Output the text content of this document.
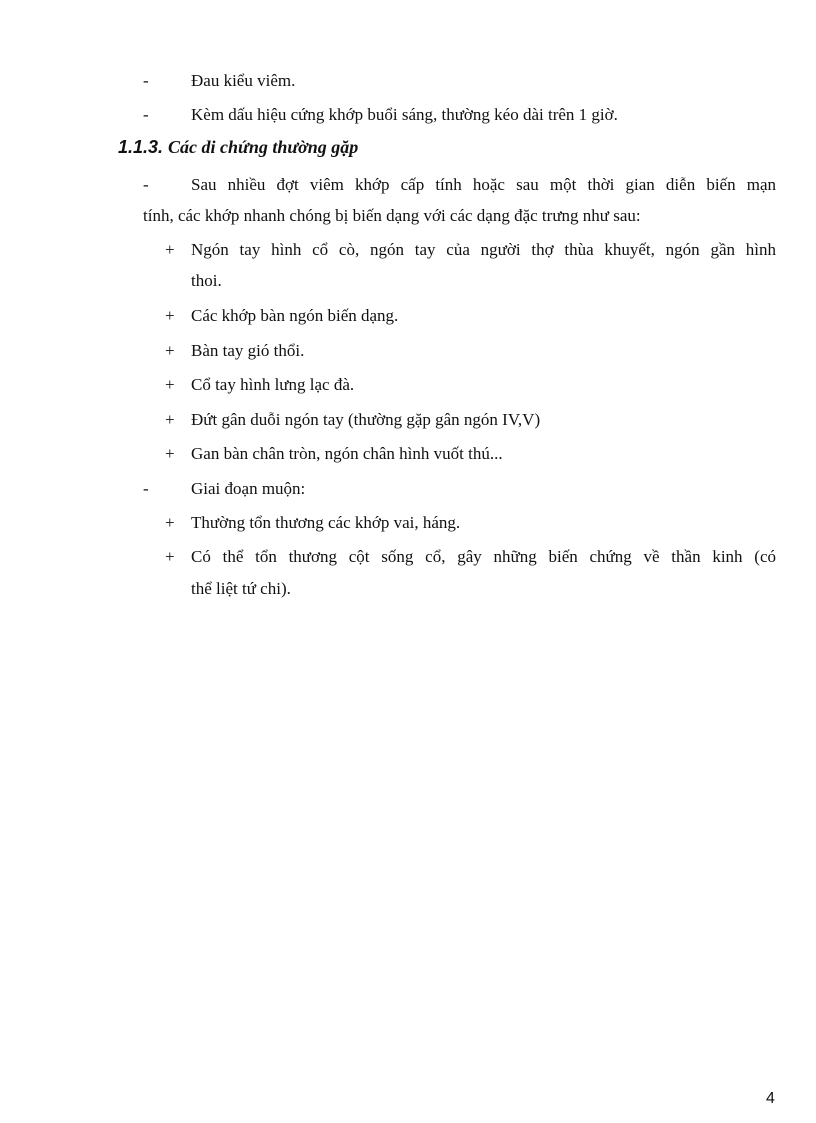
- Đau kiểu viêm.
- Kèm dấu hiệu cứng khớp buổi sáng, thường kéo dài trên 1 giờ.
1.1.3. Các di chứng thường gặp
- Sau nhiều đợt viêm khớp cấp tính hoặc sau một thời gian diễn biến mạn
tính, các khớp nhanh chóng bị biến dạng với các dạng đặc trưng như sau:
+ Ngón tay hình cổ cò, ngón tay của người thợ thùa khuyết, ngón gần hình
thoi.
+ Các khớp bàn ngón biến dạng.
+ Bàn tay gió thổi.
+ Cổ tay hình lưng lạc đà.
+ Đứt gân duỗi ngón tay (thường gặp gân ngón IV,V)
+ Gan bàn chân tròn, ngón chân hình vuốt thú...
- Giai đoạn muộn:
+ Thường tổn thương các khớp vai, háng.
+ Có thể tổn thương cột sống cổ, gây những biến chứng về thần kinh (có
thể liệt tứ chi).
4
